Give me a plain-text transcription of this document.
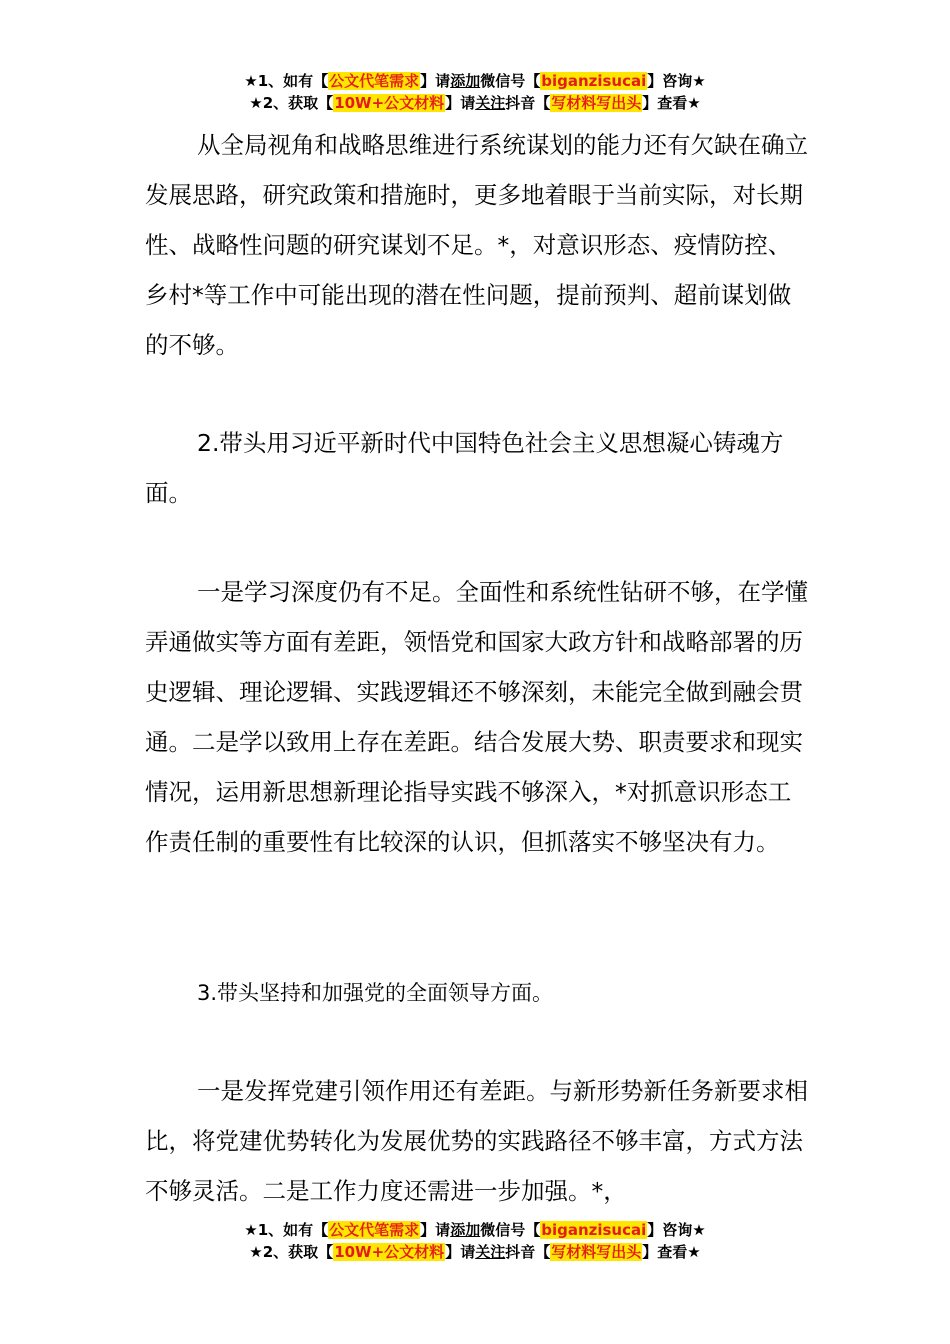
★1、如有【公文代笔需求】请添加微信号【biganzisucai】咨询★
★2、获取【10W+公文材料】请关注抖音【写材料写出头】查看★

从全局视角和战略思维进行系统谋划的能力还有欠缺在确立发展思路，研究政策和措施时，更多地着眼于当前实际，对长期性、战略性问题的研究谋划不足。*，对意识形态、疫情防控、乡村*等工作中可能出现的潜在性问题，提前预判、超前谋划做的不够。

2.带头用习近平新时代中国特色社会主义思想凝心铸魂方面。

一是学习深度仍有不足。全面性和系统性钻研不够，在学懂弄通做实等方面有差距，领悟党和国家大政方针和战略部署的历史逻辑、理论逻辑、实践逻辑还不够深刻，未能完全做到融会贯通。二是学以致用上存在差距。结合发展大势、职责要求和现实情况，运用新思想新理论指导实践不够深入，*对抓意识形态工作责任制的重要性有比较深的认识，但抓落实不够坚决有力。

3.带头坚持和加强党的全面领导方面。

一是发挥党建引领作用还有差距。与新形势新任务新要求相比，将党建优势转化为发展优势的实践路径不够丰富，方式方法不够灵活。二是工作力度还需进一步加强。*，

★1、如有【公文代笔需求】请添加微信号【biganzisucai】咨询★
★2、获取【10W+公文材料】请关注抖音【写材料写出头】查看★
